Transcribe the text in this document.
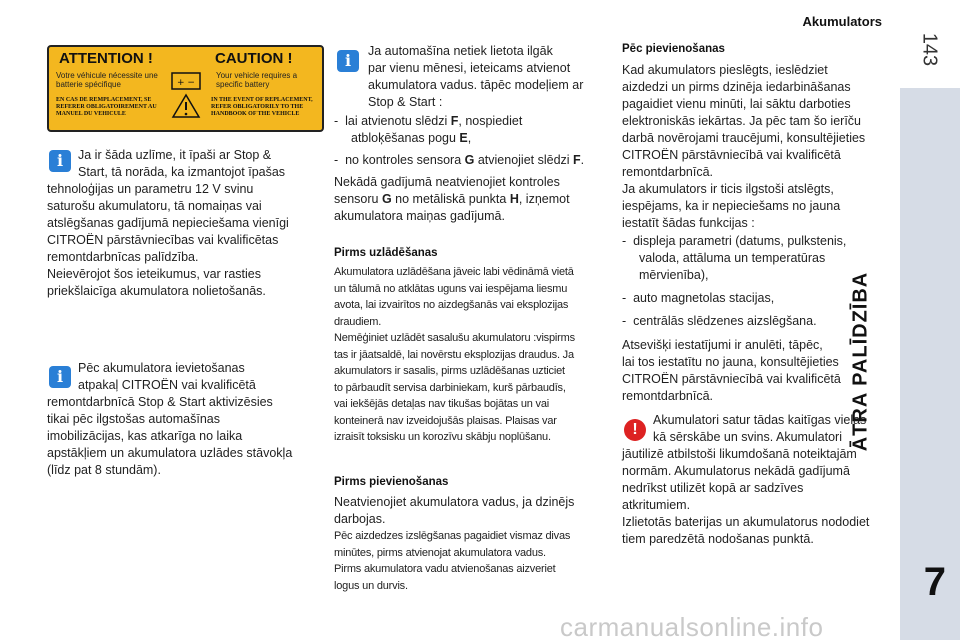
143
ĀTRA PALĪDZĪBA
7
Akumulators
ATTENTION !	CAUTION !
Votre véhicule nécessite une batterie spécifique
Your vehicle requires a specific battery
EN CAS DE REMPLACEMENT, SE REFERER OBLIGATOIREMENT AU MANUEL DU VEHICULE
IN THE EVENT OF REPLACEMENT, REFER OBLIGATORILY TO THE HANDBOOK OF THE VEHICLE
+ −
i	Ja ir šāda uzlīme, it īpaši ar Stop &
Start, tā norāda, ka izmantojot īpašas
tehnoloģijas un parametru 12 V svinu
saturošu akumulatoru, tā nomaiņas vai
atslēgšanas gadījumā nepieciešama vienīgi
CITROËN pārstāvniecības vai kvalificētas
remontdarbnīcas palīdzība.
Neievērojot šos ieteikumus, var rasties
priekšlaicīga akumulatora nolietošanās.
i	Pēc akumulatora ievietošanas
atpakaļ CITROËN vai kvalificētā
remontdarbnīcā Stop & Start aktivizēsies
tikai pēc ilgstošas automašīnas
imobilizācijas, kas atkarīga no laika
apstākļiem un akumulatora uzlādes stāvokļa
(līdz pat 8 stundām).
i	Ja automašīna netiek lietota ilgāk
par vienu mēnesi, ieteicams atvienot
akumulatora vadus. tāpēc modeļiem ar
Stop & Start :
-  lai atvienotu slēdzi F, nospiediet
atbloķēšanas pogu E,
-  no kontroles sensora G atvienojiet slēdzi F.
Nekādā gadījumā neatvienojiet kontroles
sensoru G no metāliskā punkta H, izņemot
akumulatora maiņas gadījumā.
Pirms uzlādēšanas
Akumulatora uzlādēšana jāveic labi vēdināmā vietā
un tālumā no atklātas uguns vai iespējama liesmu
avota, lai izvairītos no aizdegšanās vai eksplozijas
draudiem.
Nemēģiniet uzlādēt sasalušu akumulatoru :vispirms
tas ir jāatsaldē, lai novērstu eksplozijas draudus. Ja
akumulators ir sasalis, pirms uzlādēšanas uzticiet
to pārbaudīt servisa darbiniekam, kurš pārbaudīs,
vai iekšējās detaļas nav tikušas bojātas un vai
konteinerā nav izveidojušās plaisas. Plaisas var
izraisīt toksisku un korozīvu skābju noplūšanu.
Pirms pievienošanas
Neatvienojiet akumulatora vadus, ja dzinējs
darbojas.
Pēc aizdedzes izslēgšanas pagaidiet vismaz divas
minūtes, pirms atvienojat akumulatora vadus.
Pirms akumulatora vadu atvienošanas aizveriet
logus un durvis.
Pēc pievienošanas
Kad akumulators pieslēgts, ieslēdziet
aizdedzi un pirms dzinēja iedarbināšanas
pagaidiet vienu minūti, lai sāktu darboties
elektroniskās iekārtas. Ja pēc tam šo ierīču
darbā novērojami traucējumi, konsultējieties
CITROËN pārstāvniecībā vai kvalificētā
remontdarbnīcā.
Ja akumulators ir ticis ilgstoši atslēgts,
iespējams, ka ir nepieciešams no jauna
iestatīt šādas funkcijas :
-  displeja parametri (datums, pulkstenis,
valoda, attāluma un temperatūras
mērvienība),
-  auto magnetolas stacijas,
-  centrālās slēdzenes aizslēgšana.
Atsevišķi iestatījumi ir anulēti, tāpēc,
lai tos iestatītu no jauna, konsultējieties
CITROËN pārstāvniecībā vai kvalificētā
remontdarbnīcā.
!
Akumulatori satur tādas kaitīgas vielas
kā sērskābe un svins. Akumulatori
jāutilizē atbilstoši likumdošanā noteiktajām
normām. Akumulatorus nekādā gadījumā
nedrīkst utilizēt kopā ar sadzīves
atkritumiem.
Izlietotās baterijas un akumulatorus nododiet
tiem paredzētā nodošanas punktā.
carmanualsonline.info
